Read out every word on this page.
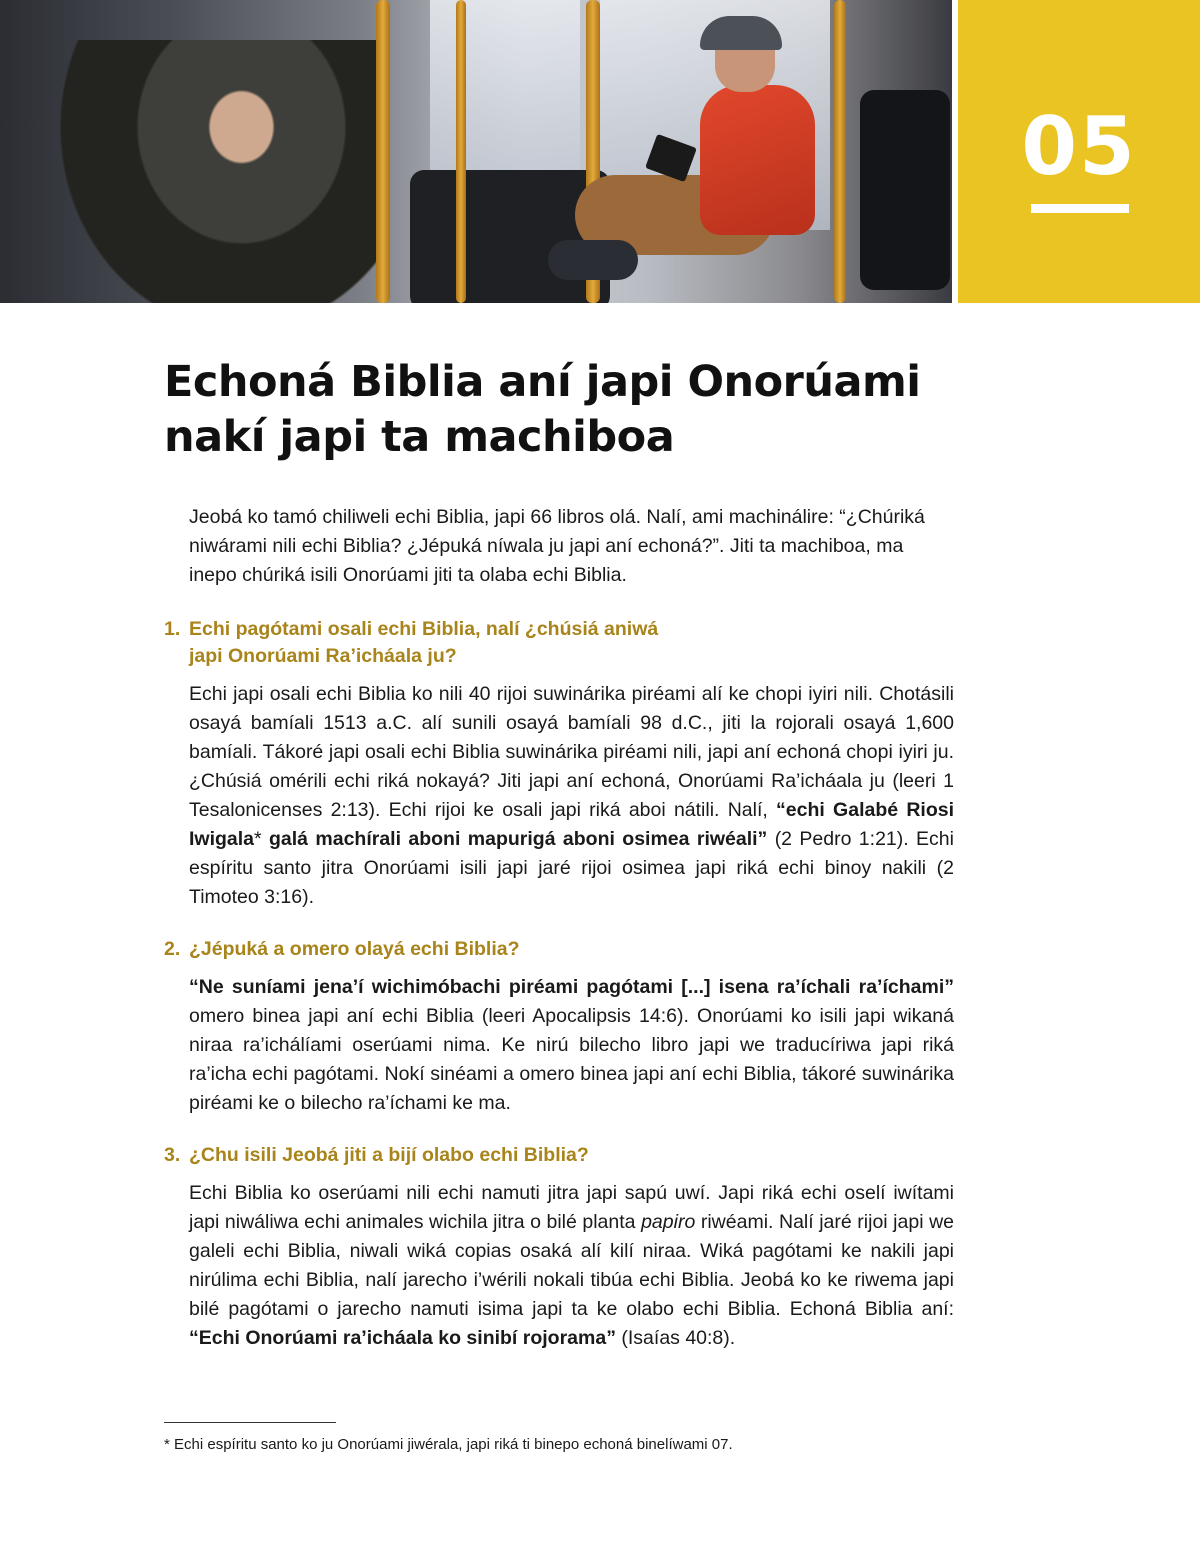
05
Echoná Biblia aní japi Onorúami nakí japi ta machiboa

Jeobá ko tamó chiliweli echi Biblia, japi 66 libros olá. Nalí, ami machinálire: “¿Chúriká niwárami nili echi Biblia? ¿Jépuká níwala ju japi aní echoná?”. Jiti ta machiboa, ma inepo chúriká isili Onorúami jiti ta olaba echi Biblia.

1. Echi pagótami osali echi Biblia, nalí ¿chúsiá aniwá
japi Onorúami Ra’icháala ju?

Echi japi osali echi Biblia ko nili 40 rijoi suwinárika piréami alí ke chopi iyiri nili. Chotásili osayá bamíali 1513 a.C. alí sunili osayá bamíali 98 d.C., jiti la rojorali osayá 1,600 bamíali. Tákoré japi osali echi Biblia suwinárika piréami nili, japi aní echoná chopi iyiri ju. ¿Chúsiá omérili echi riká nokayá? Jiti japi aní echoná, Onorúami Ra’icháala ju (leeri 1 Tesalonicenses 2:13). Echi rijoi ke osali japi riká aboi nátili. Nalí, “echi Galabé Riosi Iwigala* galá machírali aboni mapurigá aboni osimea riwéali” (2 Pedro 1:21). Echi espíritu santo jitra Onorúami isili japi jaré rijoi osimea japi riká echi binoy nakili (2 Timoteo 3:16).

2. ¿Jépuká a omero olayá echi Biblia?

“Ne suníami jena’í wichimóbachi piréami pagótami [...] isena ra’íchali ra’íchami” omero binea japi aní echi Biblia (leeri Apocalipsis 14:6). Onorúami ko isili japi wikaná niraa ra’ichálíami oserúami nima. Ke nirú bilecho libro japi we traducíriwa japi riká ra’icha echi pagótami. Nokí sinéami a omero binea japi aní echi Biblia, tákoré suwinárika piréami ke o bilecho ra’íchami ke ma.

3. ¿Chu isili Jeobá jiti a bijí olabo echi Biblia?

Echi Biblia ko oserúami nili echi namuti jitra japi sapú uwí. Japi riká echi oselí iwítami japi niwáliwa echi animales wichila jitra o bilé planta papiro riwéami. Nalí jaré rijoi japi we galeli echi Biblia, niwali wiká copias osaká alí kilí niraa. Wiká pagótami ke nakili japi nirúlima echi Biblia, nalí jarecho i’wérili nokali tibúa echi Biblia. Jeobá ko ke riwema japi bilé pagótami o jarecho namuti isima japi ta ke olabo echi Biblia. Echoná Biblia aní: “Echi Onorúami ra’icháala ko sinibí rojorama” (Isaías 40:8).

* Echi espíritu santo ko ju Onorúami jiwérala, japi riká ti binepo echoná binelíwami 07.
